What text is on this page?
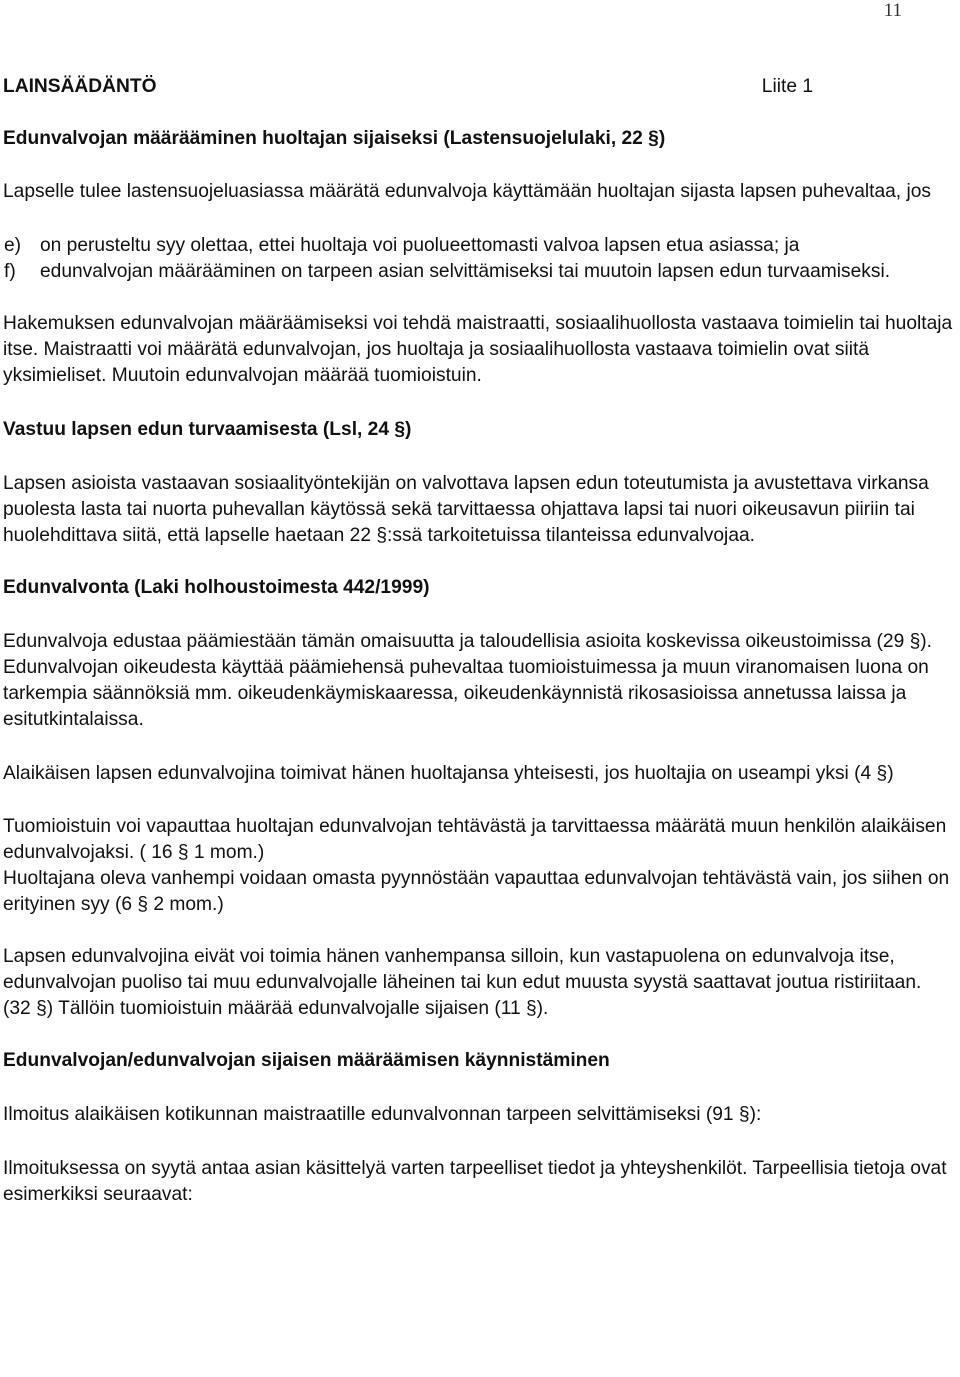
11
LAINSÄÄDÄNTÖ	Liite 1

Edunvalvojan määrääminen huoltajan sijaiseksi (Lastensuojelulaki, 22 §)

Lapselle tulee lastensuojeluasiassa määrätä edunvalvoja käyttämään huoltajan sijasta lapsen puhevaltaa, jos

e) on perusteltu syy olettaa, ettei huoltaja voi puolueettomasti valvoa lapsen etua asiassa; ja
f)	edunvalvojan määrääminen on tarpeen asian selvittämiseksi tai muutoin lapsen edun turvaamiseksi.

Hakemuksen edunvalvojan määräämiseksi voi tehdä maistraatti, sosiaalihuollosta vastaava toimielin tai huoltaja itse. Maistraatti voi määrätä edunvalvojan, jos huoltaja ja sosiaalihuollosta vastaava toimielin ovat siitä yksimieliset. Muutoin edunvalvojan määrää tuomioistuin.

Vastuu lapsen edun turvaamisesta (Lsl, 24 §)

Lapsen asioista vastaavan sosiaalityöntekijän on valvottava lapsen edun toteutumista ja avustettava virkansa puolesta lasta tai nuorta puhevallan käytössä sekä tarvittaessa ohjattava lapsi tai nuori oikeusavun piiriin tai huolehdittava siitä, että lapselle haetaan 22 §:ssä tarkoitetuissa tilanteissa edunvalvojaa.

Edunvalvonta (Laki holhoustoimesta 442/1999)

Edunvalvoja edustaa päämiestään tämän omaisuutta ja taloudellisia asioita koskevissa oikeustoimissa (29 §). Edunvalvojan oikeudesta käyttää päämiehensä puhevaltaa tuomioistuimessa ja muun viranomaisen luona on tarkempia säännöksiä mm. oikeudenkäymiskaaressa, oikeudenkäynnistä rikosasioissa annetussa laissa ja esitutkintalaissa.

Alaikäisen lapsen edunvalvojina toimivat hänen huoltajansa yhteisesti, jos huoltajia on useampi yksi (4 §)

Tuomioistuin voi vapauttaa huoltajan edunvalvojan tehtävästä ja tarvittaessa määrätä muun henkilön alaikäisen edunvalvojaksi. ( 16 § 1 mom.)

Huoltajana oleva vanhempi voidaan omasta pyynnöstään vapauttaa edunvalvojan tehtävästä vain, jos siihen on erityinen syy (6 § 2 mom.)

Lapsen edunvalvojina eivät voi toimia hänen vanhempansa silloin, kun vastapuolena on edunvalvoja itse, edunvalvojan puoliso tai muu edunvalvojalle läheinen tai kun edut muusta syystä saattavat joutua ristiriitaan. (32 §) Tällöin tuomioistuin määrää edunvalvojalle sijaisen (11 §).

Edunvalvojan/edunvalvojan sijaisen määräämisen käynnistäminen

Ilmoitus alaikäisen kotikunnan maistraatille edunvalvonnan tarpeen selvittämiseksi (91 §):

Ilmoituksessa on syytä antaa asian käsittelyä varten tarpeelliset tiedot ja yhteyshenkilöt. Tarpeellisia tietoja ovat esimerkiksi seuraavat:
